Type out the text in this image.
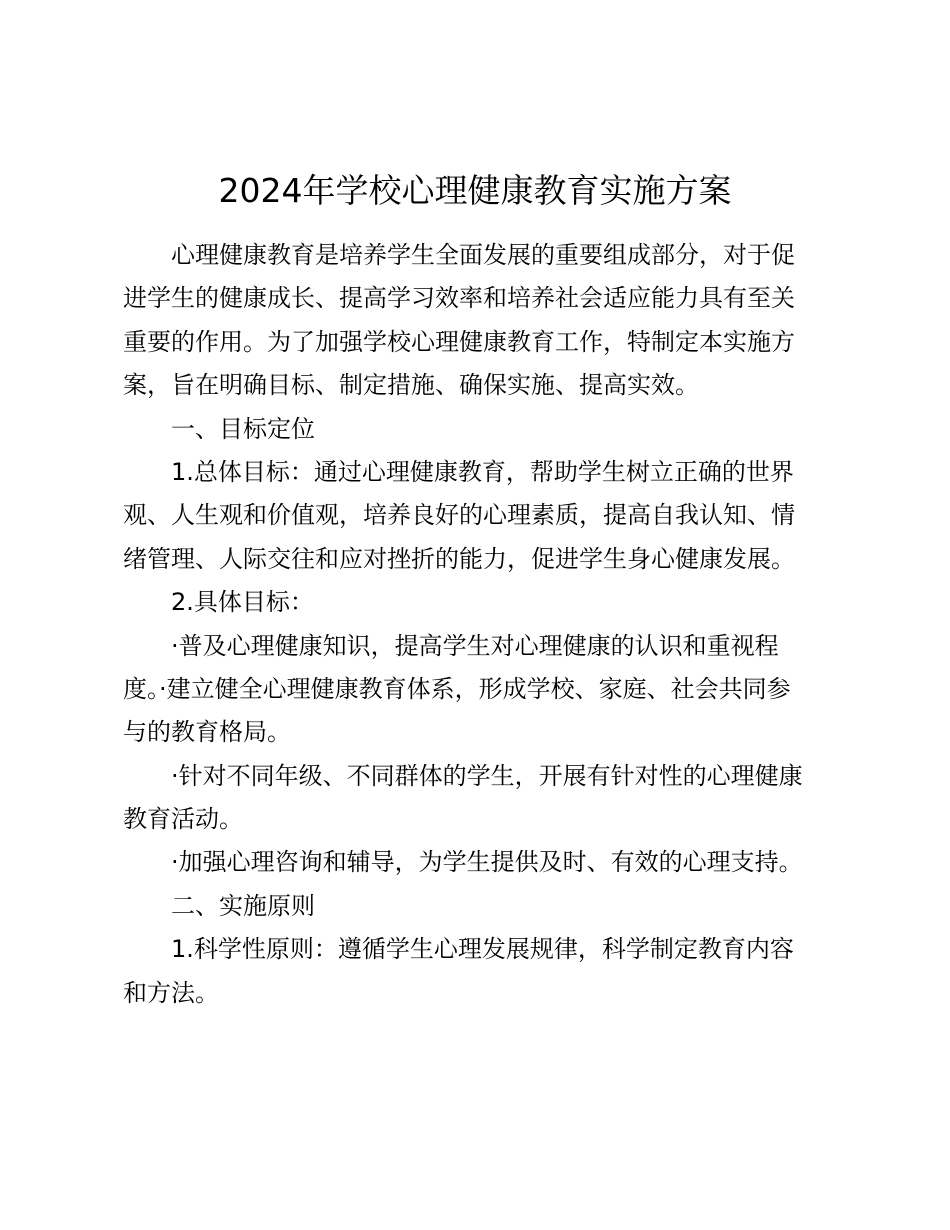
2024年学校心理健康教育实施方案
心理健康教育是培养学生全面发展的重要组成部分，对于促
进学生的健康成长、提高学习效率和培养社会适应能力具有至关
重要的作用。为了加强学校心理健康教育工作，特制定本实施方
案，旨在明确目标、制定措施、确保实施、提高实效。
一、目标定位
1.总体目标：通过心理健康教育，帮助学生树立正确的世界
观、人生观和价值观，培养良好的心理素质，提高自我认知、情
绪管理、人际交往和应对挫折的能力，促进学生身心健康发展。
2.具体目标：
·普及心理健康知识，提高学生对心理健康的认识和重视程
度。·建立健全心理健康教育体系，形成学校、家庭、社会共同参
与的教育格局。
·针对不同年级、不同群体的学生，开展有针对性的心理健康
教育活动。
·加强心理咨询和辅导，为学生提供及时、有效的心理支持。
二、实施原则
1.科学性原则：遵循学生心理发展规律，科学制定教育内容
和方法。
